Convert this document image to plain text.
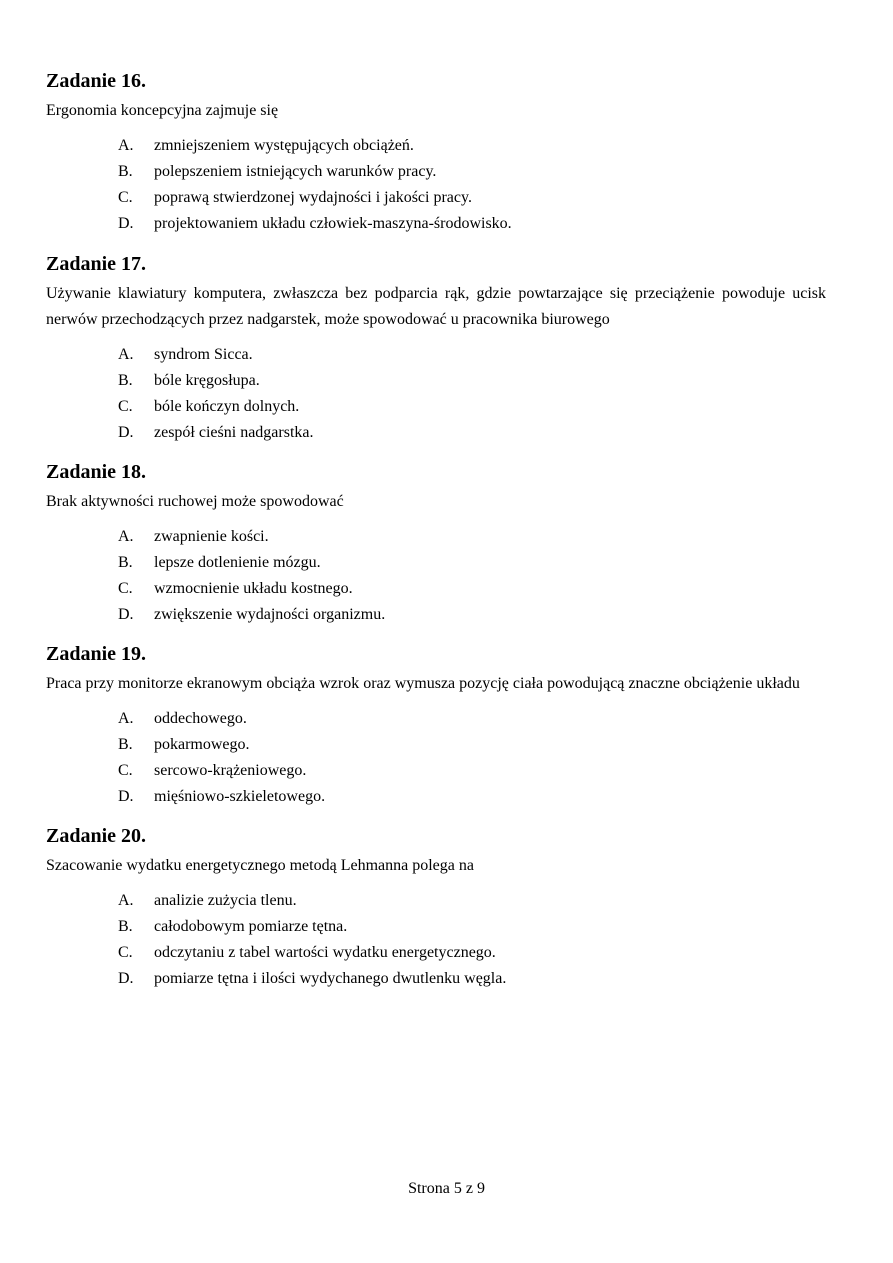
Zadanie 16.

Ergonomia koncepcyjna zajmuje się

A.	zmniejszeniem występujących obciążeń.
B.	polepszeniem istniejących warunków pracy.
C.	poprawą stwierdzonej wydajności i jakości pracy.
D.	projektowaniem układu człowiek-maszyna-środowisko.
Zadanie 17.

Używanie klawiatury komputera, zwłaszcza bez podparcia rąk, gdzie powtarzające się przeciążenie powoduje ucisk nerwów przechodzących przez nadgarstek, może spowodować u pracownika biurowego

A.	syndrom Sicca.
B.	bóle kręgosłupa.
C.	bóle kończyn dolnych.
D.	zespół cieśni nadgarstka.
Zadanie 18.

Brak aktywności ruchowej może spowodować

A.	zwapnienie kości.
B.	lepsze dotlenienie mózgu.
C.	wzmocnienie układu kostnego.
D.	zwiększenie wydajności organizmu.
Zadanie 19.

Praca przy monitorze ekranowym obciąża wzrok oraz wymusza pozycję ciała powodującą znaczne obciążenie układu

A.	oddechowego.
B.	pokarmowego.
C.	sercowo-krążeniowego.
D.	mięśniowo-szkieletowego.
Zadanie 20.

Szacowanie wydatku energetycznego metodą Lehmanna polega na

A.	analizie zużycia tlenu.
B.	całodobowym pomiarze tętna.
C.	odczytaniu z tabel wartości wydatku energetycznego.
D.	pomiarze tętna i ilości wydychanego dwutlenku węgla.
Strona 5 z 9
